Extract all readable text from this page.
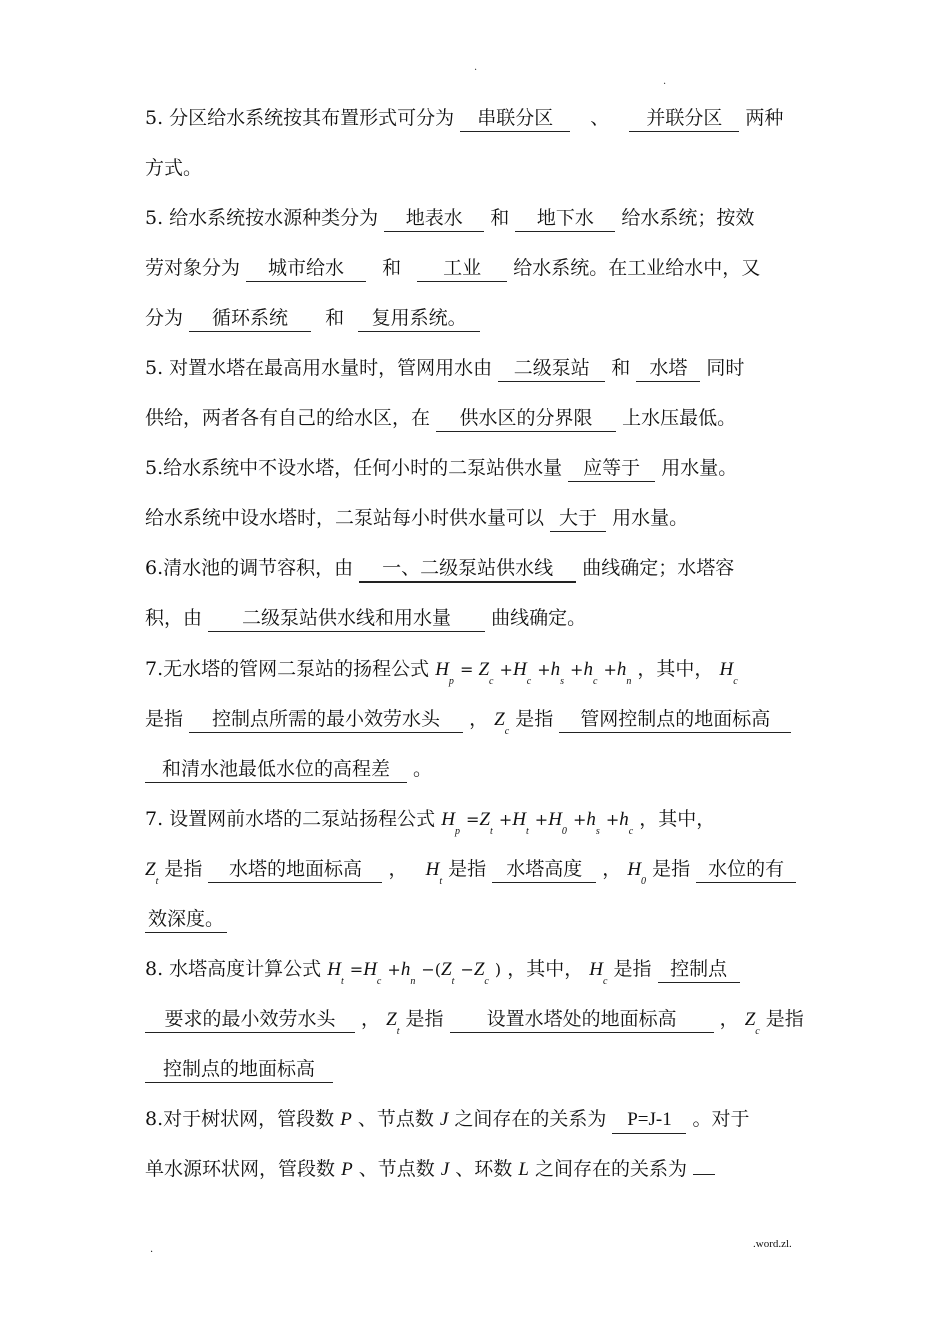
.
.
5. 分区给水系统按其布置形式可分为 串联分区 、 并联分区 两种
方式。
5. 给水系统按水源种类分为 地表水 和 地下水 给水系统；按效
劳对象分为 城市给水 和 工业 给水系统。在工业给水中，又
分为 循环系统 和 复用系统。
5. 对置水塔在最高用水量时，管网用水由 二级泵站 和 水塔 同时
供给，两者各有自己的给水区，在 供水区的分界限 上水压最低。
5.给水系统中不设水塔，任何小时的二泵站供水量 应等于 用水量。
给水系统中设水塔时，二泵站每小时供水量可以 大于 用水量。
6.清水池的调节容积，由 一、二级泵站供水线 曲线确定；水塔容
积，由 二级泵站供水线和用水量 曲线确定。
7.无水塔的管网二泵站的扬程公式 $H_p = Z_c +H_c +h_s +h_c +h_n$ ，其中， $H_c$
是指 控制点所需的最小效劳水头 ， $Z_c$ 是指 管网控制点的地面标高
和清水池最低水位的高程差 。
7. 设置网前水塔的二泵站扬程公式 $H_p =Z_t +H_t +H_0 +h_s +h_c$ ，其中，
$Z_t$ 是指 水塔的地面标高 ， $H_t$ 是指 水塔高度 ， $H_0$ 是指 水位的有
效深度。
8. 水塔高度计算公式 $H_t =H_c +h_n -(Z_t -Z_c$ ) ，其中， $H_c$ 是指 控制点
要求的最小效劳水头 ， $Z_t$ 是指 设置水塔处的地面标高 ， $Z_c$ 是指
控制点的地面标高
8.对于树状网，管段数 P 、节点数 J 之间存在的关系为 P=J-1 。对于
单水源环状网，管段数 P 、节点数 J 、环数 L 之间存在的关系为
.	.word.zl.
